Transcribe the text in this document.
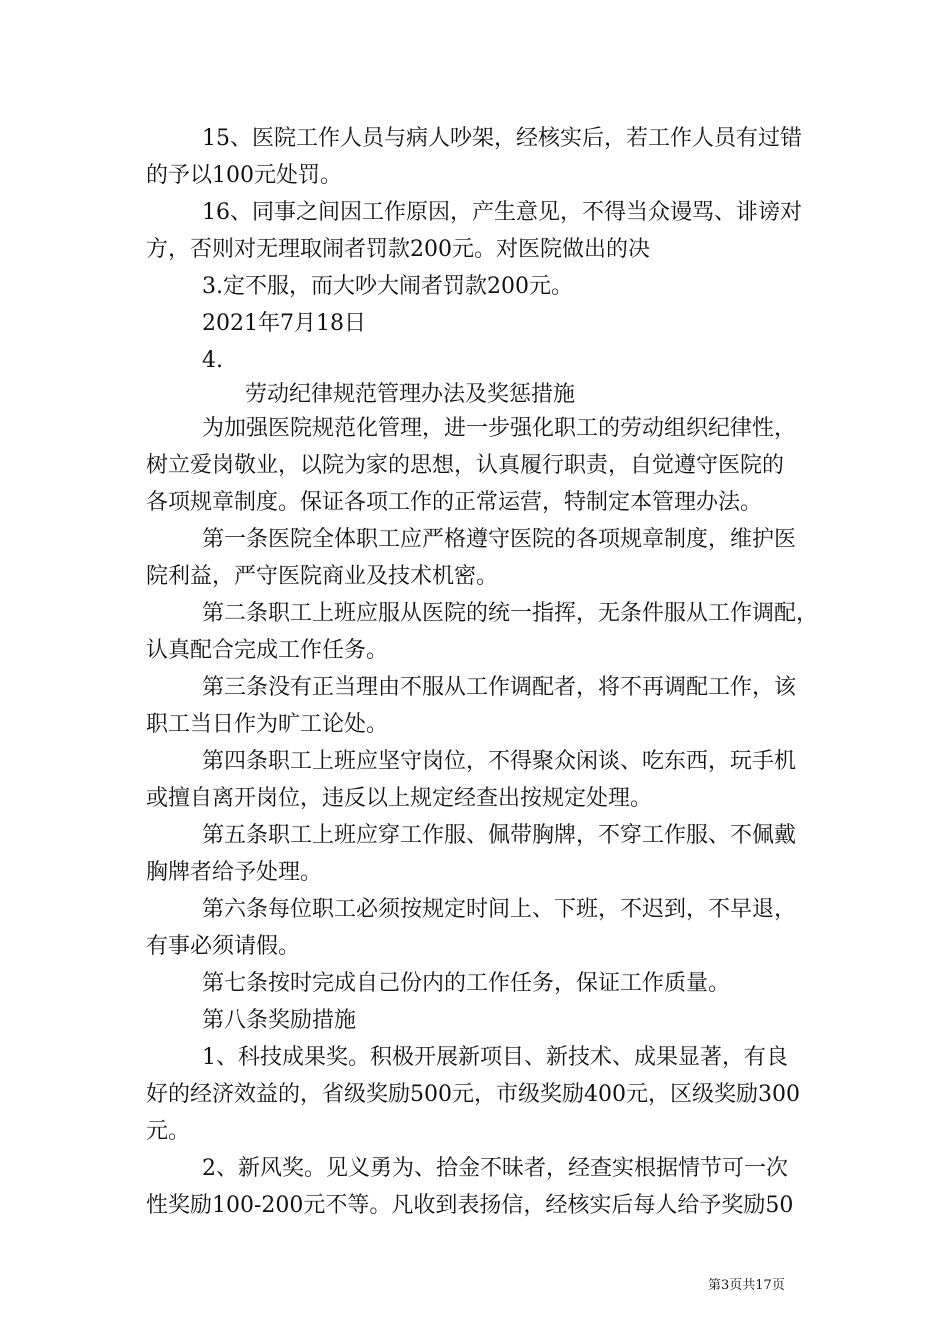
15、医院工作人员与病人吵架，经核实后，若工作人员有过错
的予以100元处罚。
16、同事之间因工作原因，产生意见，不得当众谩骂、诽谤对
方，否则对无理取闹者罚款200元。对医院做出的决
3.定不服，而大吵大闹者罚款200元。
2021年7月18日
4.
劳动纪律规范管理办法及奖惩措施
为加强医院规范化管理，进一步强化职工的劳动组织纪律性，
树立爱岗敬业，以院为家的思想，认真履行职责，自觉遵守医院的
各项规章制度。保证各项工作的正常运营，特制定本管理办法。
第一条医院全体职工应严格遵守医院的各项规章制度，维护医
院利益，严守医院商业及技术机密。
第二条职工上班应服从医院的统一指挥，无条件服从工作调配，
认真配合完成工作任务。
第三条没有正当理由不服从工作调配者，将不再调配工作，该
职工当日作为旷工论处。
第四条职工上班应坚守岗位，不得聚众闲谈、吃东西，玩手机
或擅自离开岗位，违反以上规定经查出按规定处理。
第五条职工上班应穿工作服、佩带胸牌，不穿工作服、不佩戴
胸牌者给予处理。
第六条每位职工必须按规定时间上、下班，不迟到，不早退，
有事必须请假。
第七条按时完成自己份内的工作任务，保证工作质量。
第八条奖励措施
1、科技成果奖。积极开展新项目、新技术、成果显著，有良
好的经济效益的，省级奖励500元，市级奖励400元，区级奖励300
元。
2、新风奖。见义勇为、拾金不昧者，经查实根据情节可一次
性奖励100-200元不等。凡收到表扬信，经核实后每人给予奖励50
第3页共17页
